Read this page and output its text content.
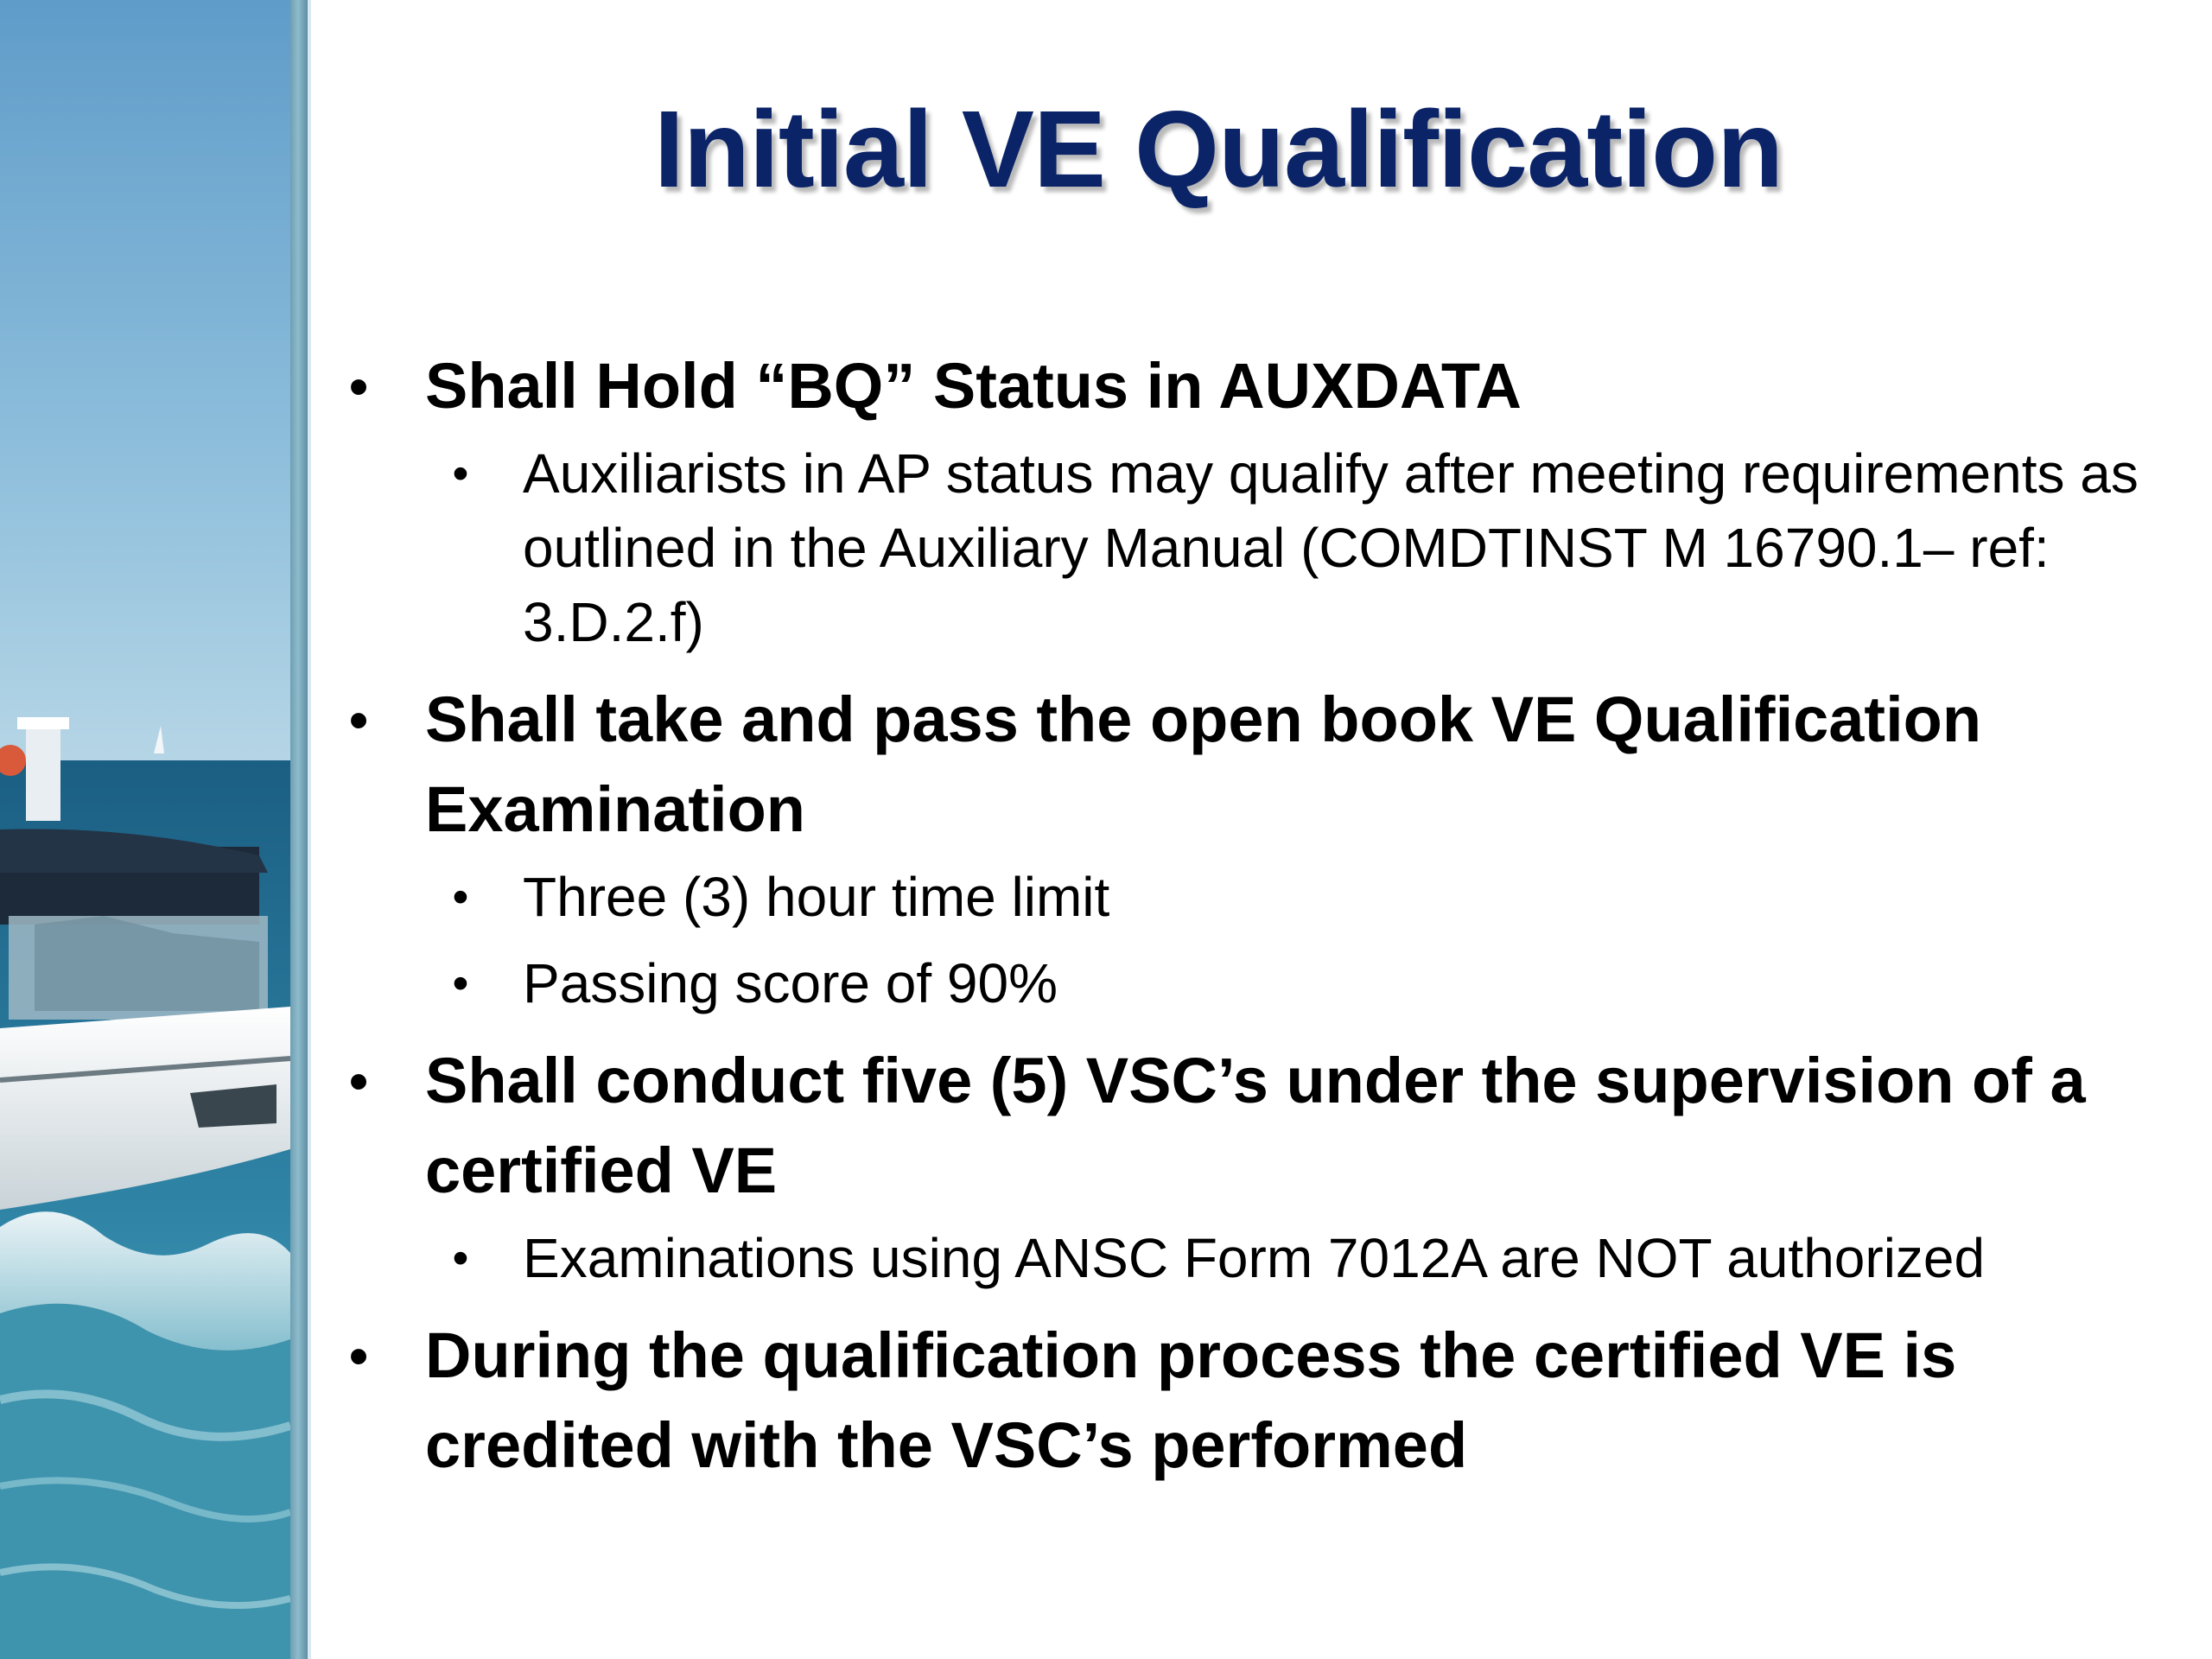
Initial VE Qualification
• Shall Hold “BQ” Status in AUXDATA
• Auxiliarists in AP status may qualify after meeting requirements as outlined in the Auxiliary Manual (COMDTINST M 16790.1– ref: 3.D.2.f)
• Shall take and pass the open book VE Qualification Examination
• Three (3) hour time limit
• Passing score of 90%
• Shall conduct five (5) VSC’s under the supervision of a certified VE
• Examinations using ANSC Form 7012A are NOT authorized
• During the qualification process the certified VE is credited with the VSC’s performed
